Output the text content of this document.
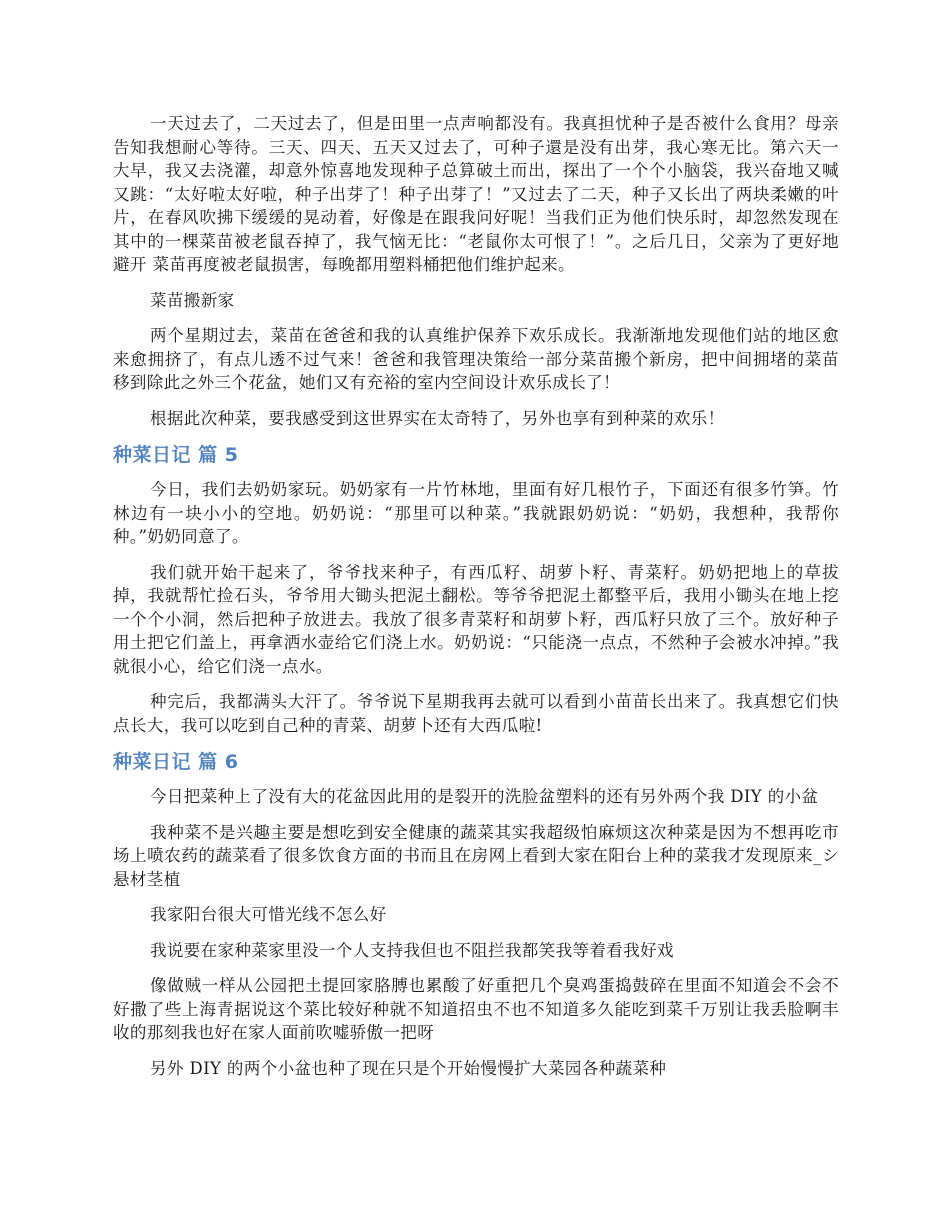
一天过去了，二天过去了，但是田里一点声响都没有。我真担忧种子是否被什么食用？母亲告知我想耐心等待。三天、四天、五天又过去了，可种子還是没有出芽，我心寒无比。第六天一大早，我又去浇灌，却意外惊喜地发现种子总算破土而出，探出了一个个小脑袋，我兴奋地又喊又跳：“太好啦太好啦，种子出芽了！种子出芽了！”又过去了二天，种子又长出了两块柔嫩的叶片，在春风吹拂下缓缓的晃动着，好像是在跟我问好呢！当我们正为他们快乐时，却忽然发现在其中的一棵菜苗被老鼠吞掉了，我气恼无比：“老鼠你太可恨了！”。之后几日，父亲为了更好地避开 菜苗再度被老鼠损害，每晚都用塑料桶把他们维护起来。

菜苗搬新家

两个星期过去，菜苗在爸爸和我的认真维护保养下欢乐成长。我渐渐地发现他们站的地区愈来愈拥挤了，有点儿透不过气来！爸爸和我管理决策给一部分菜苗搬个新房，把中间拥堵的菜苗移到除此之外三个花盆，她们又有充裕的室内空间设计欢乐成长了！

根据此次种菜，要我感受到这世界实在太奇特了，另外也享有到种菜的欢乐！

种菜日记 篇 5

今日，我们去奶奶家玩。奶奶家有一片竹林地，里面有好几根竹子，下面还有很多竹笋。竹林边有一块小小的空地。奶奶说：“那里可以种菜。”我就跟奶奶说：“奶奶，我想种，我帮你种。”奶奶同意了。

我们就开始干起来了，爷爷找来种子，有西瓜籽、胡萝卜籽、青菜籽。奶奶把地上的草拔掉，我就帮忙捡石头，爷爷用大锄头把泥土翻松。等爷爷把泥土都整平后，我用小锄头在地上挖一个个小洞，然后把种子放进去。我放了很多青菜籽和胡萝卜籽，西瓜籽只放了三个。放好种子用土把它们盖上，再拿洒水壶给它们浇上水。奶奶说：“只能浇一点点，不然种子会被水冲掉。”我就很小心，给它们浇一点水。

种完后，我都满头大汗了。爷爷说下星期我再去就可以看到小苗苗长出来了。我真想它们快点长大，我可以吃到自己种的青菜、胡萝卜还有大西瓜啦!

种菜日记 篇 6

今日把菜种上了没有大的花盆因此用的是裂开的洗脸盆塑料的还有另外两个我 DIY 的小盆

我种菜不是兴趣主要是想吃到安全健康的蔬菜其实我超级怕麻烦这次种菜是因为不想再吃市场上喷农药的蔬菜看了很多饮食方面的书而且在房网上看到大家在阳台上种的菜我才发现原来_シ悬材茎植

我家阳台很大可惜光线不怎么好

我说要在家种菜家里没一个人支持我但也不阻拦我都笑我等着看我好戏

像做贼一样从公园把土提回家胳膊也累酸了好重把几个臭鸡蛋捣鼓碎在里面不知道会不会不好撒了些上海青据说这个菜比较好种就不知道招虫不也不知道多久能吃到菜千万别让我丢脸啊丰收的那刻我也好在家人面前吹嘘骄傲一把呀

另外 DIY 的两个小盆也种了现在只是个开始慢慢扩大菜园各种蔬菜种
